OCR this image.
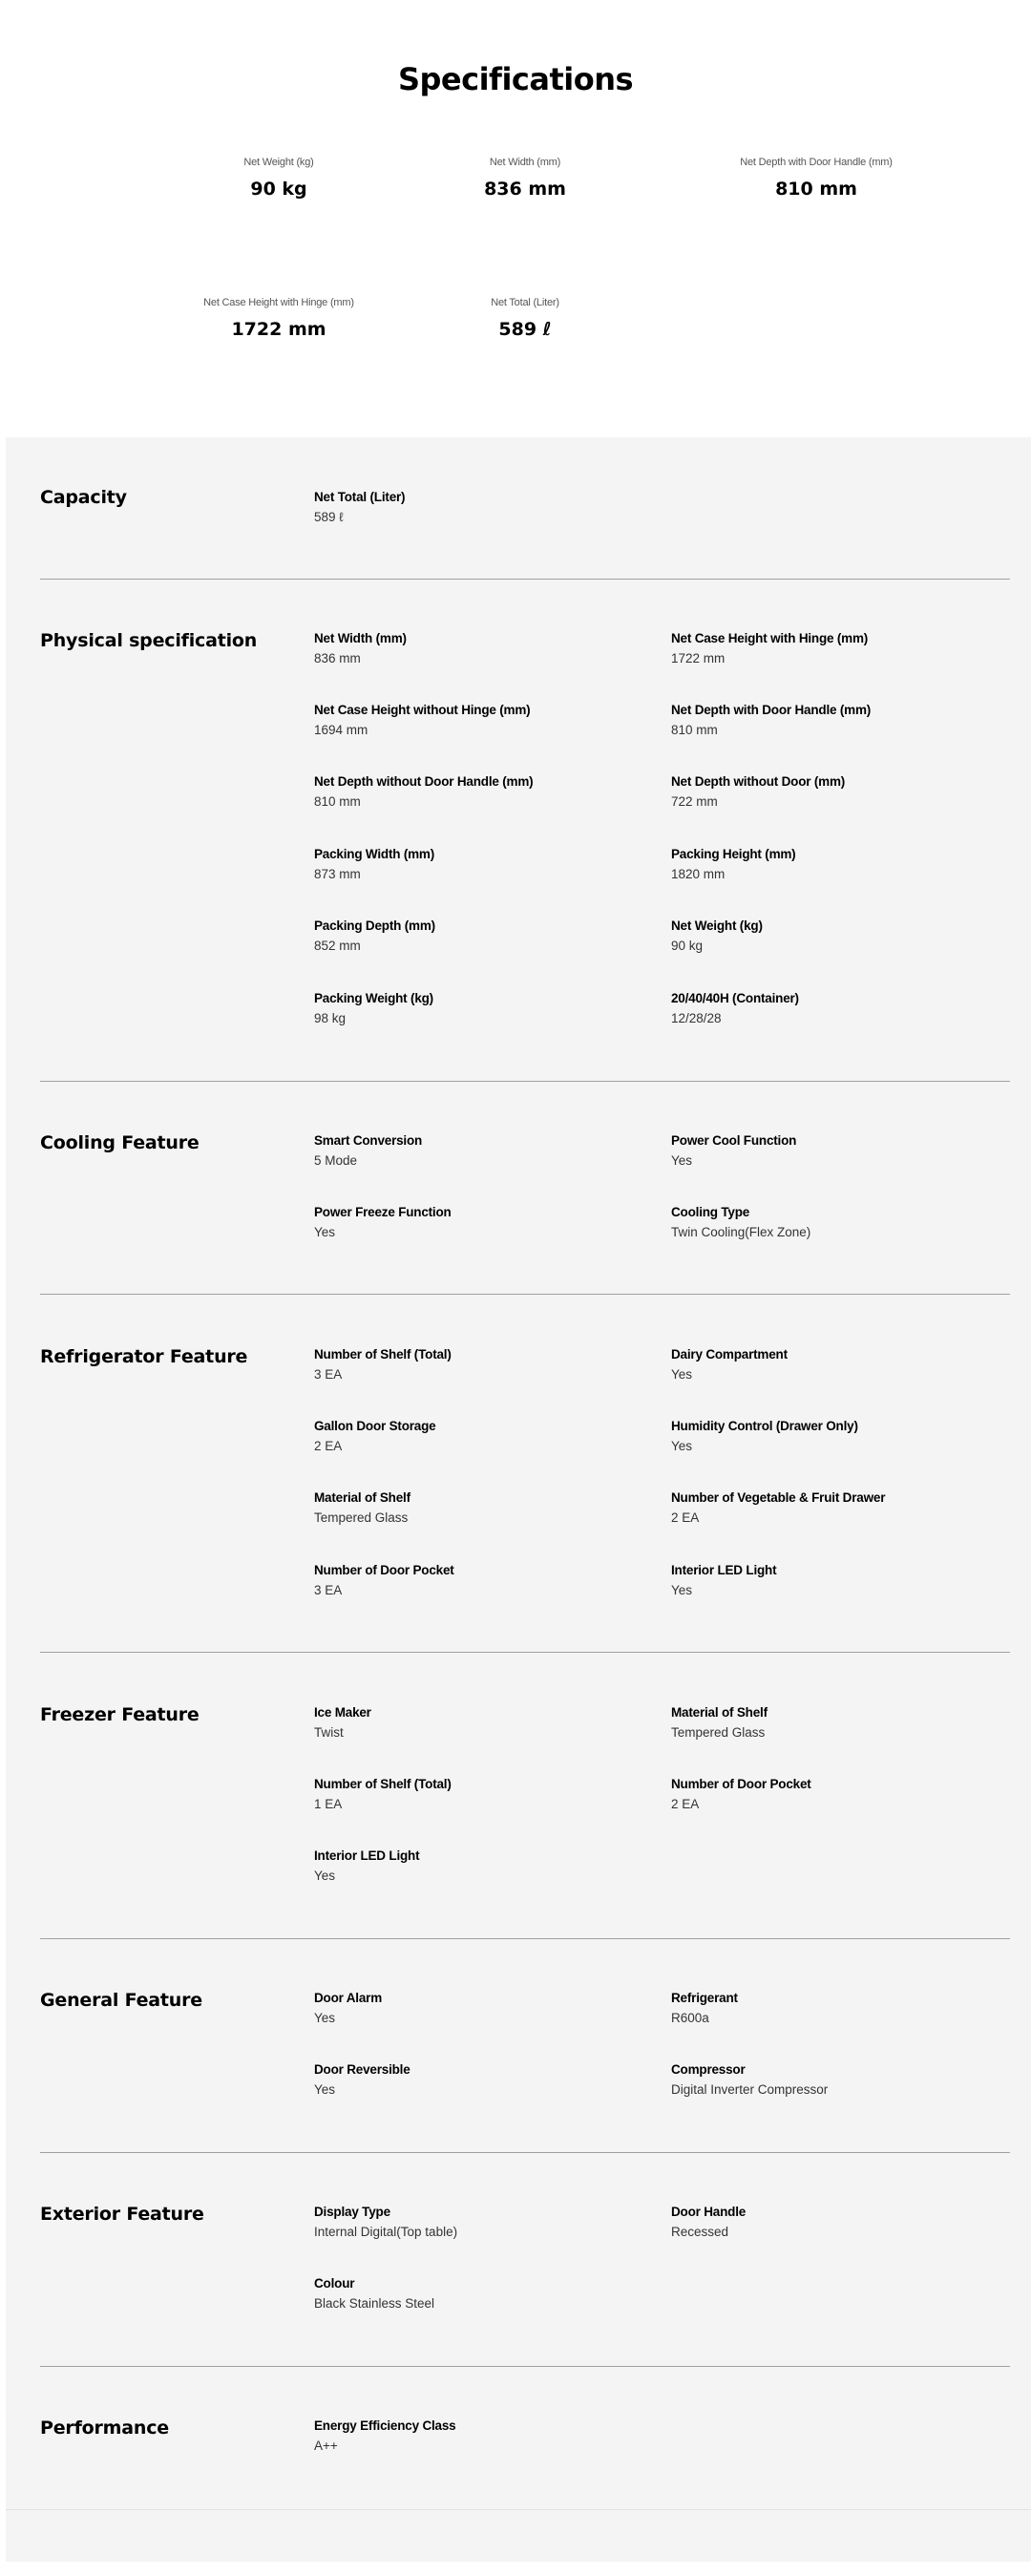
Specifications
Net Weight (kg)
90 kg
Net Width (mm)
836 mm
Net Depth with Door Handle (mm)
810 mm
Net Case Height with Hinge (mm)
1722 mm
Net Total (Liter)
589 ℓ
Capacity	Net Total (Liter)
589 ℓ
Physical specification	Net Width (mm)
836 mm
Net Case Height with Hinge (mm)
1722 mm
Net Case Height without Hinge (mm)
1694 mm
Net Depth with Door Handle (mm)
810 mm
Net Depth without Door Handle (mm)
810 mm
Net Depth without Door (mm)
722 mm
Packing Width (mm)
873 mm
Packing Height (mm)
1820 mm
Packing Depth (mm)
852 mm
Net Weight (kg)
90 kg
Packing Weight (kg)
98 kg
20/40/40H (Container)
12/28/28
Cooling Feature	Smart Conversion
5 Mode
Power Cool Function
Yes
Power Freeze Function
Yes
Cooling Type
Twin Cooling(Flex Zone)
Refrigerator Feature	Number of Shelf (Total)
3 EA
Dairy Compartment
Yes
Gallon Door Storage
2 EA
Humidity Control (Drawer Only)
Yes
Material of Shelf
Tempered Glass
Number of Vegetable & Fruit Drawer
2 EA
Number of Door Pocket
3 EA
Interior LED Light
Yes
Freezer Feature	Ice Maker
Twist
Material of Shelf
Tempered Glass
Number of Shelf (Total)
1 EA
Number of Door Pocket
2 EA
Interior LED Light
Yes
General Feature	Door Alarm
Yes
Refrigerant
R600a
Door Reversible
Yes
Compressor
Digital Inverter Compressor
Exterior Feature	Display Type
Internal Digital(Top table)
Door Handle
Recessed
Colour
Black Stainless Steel
Performance	Energy Efficiency Class
A++
